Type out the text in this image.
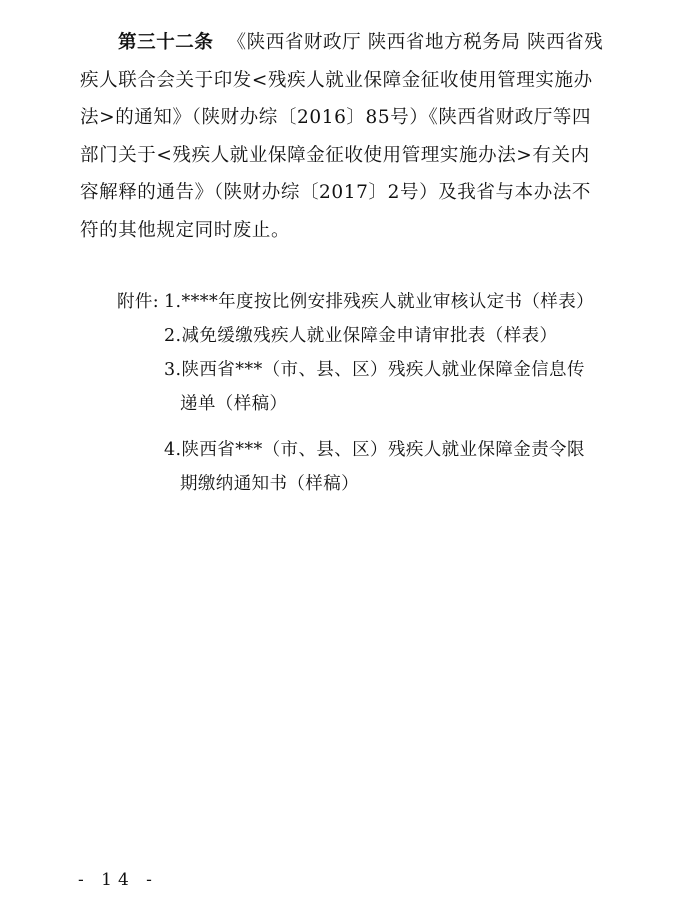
第三十二条 《陕西省财政厅 陕西省地方税务局 陕西省残疾人联合会关于印发<残疾人就业保障金征收使用管理实施办法>的通知》（陕财办综〔2016〕85号）《陕西省财政厅等四部门关于<残疾人就业保障金征收使用管理实施办法>有关内容解释的通告》（陕财办综〔2017〕2号）及我省与本办法不符的其他规定同时废止。

附件: 1.****年度按比例安排残疾人就业审核认定书（样表）
2.减免缓缴残疾人就业保障金申请审批表（样表）
3.陕西省***（市、县、区）残疾人就业保障金信息传
递单（样稿）
4.陕西省***（市、县、区）残疾人就业保障金责令限
期缴纳通知书（样稿）
- 14 -
